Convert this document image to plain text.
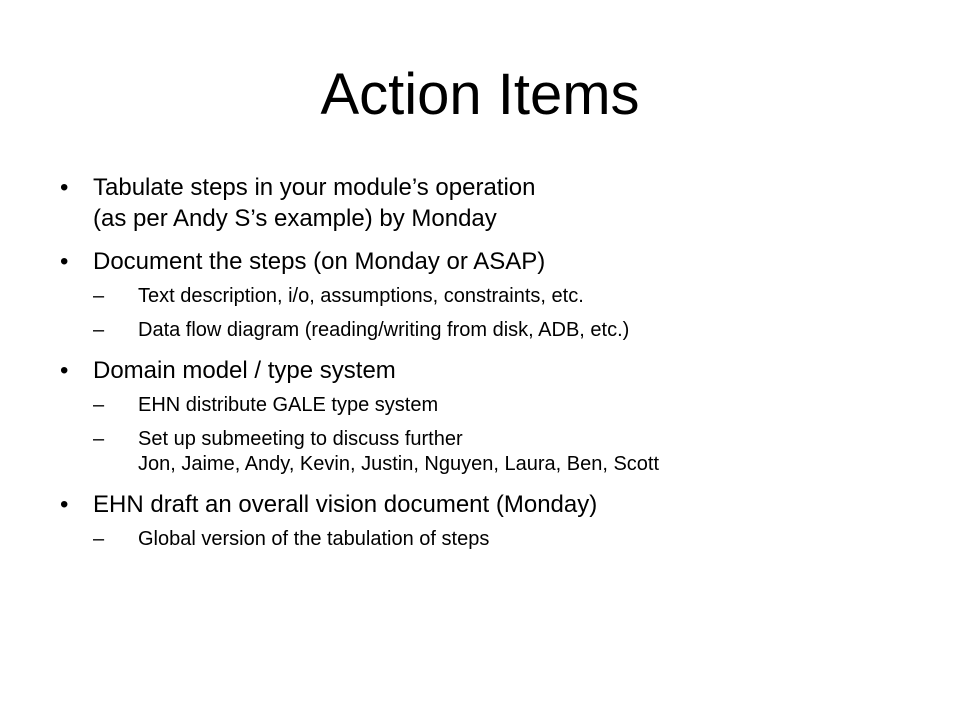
Action Items
• Tabulate steps in your module’s operation
(as per Andy S’s example) by Monday
• Document the steps (on Monday or ASAP)
– Text description, i/o, assumptions, constraints, etc.
– Data flow diagram (reading/writing from disk, ADB, etc.)
• Domain model / type system
– EHN distribute GALE type system
– Set up submeeting to discuss further
Jon, Jaime, Andy, Kevin, Justin, Nguyen, Laura, Ben, Scott
• EHN draft an overall vision document (Monday)
– Global version of the tabulation of steps
